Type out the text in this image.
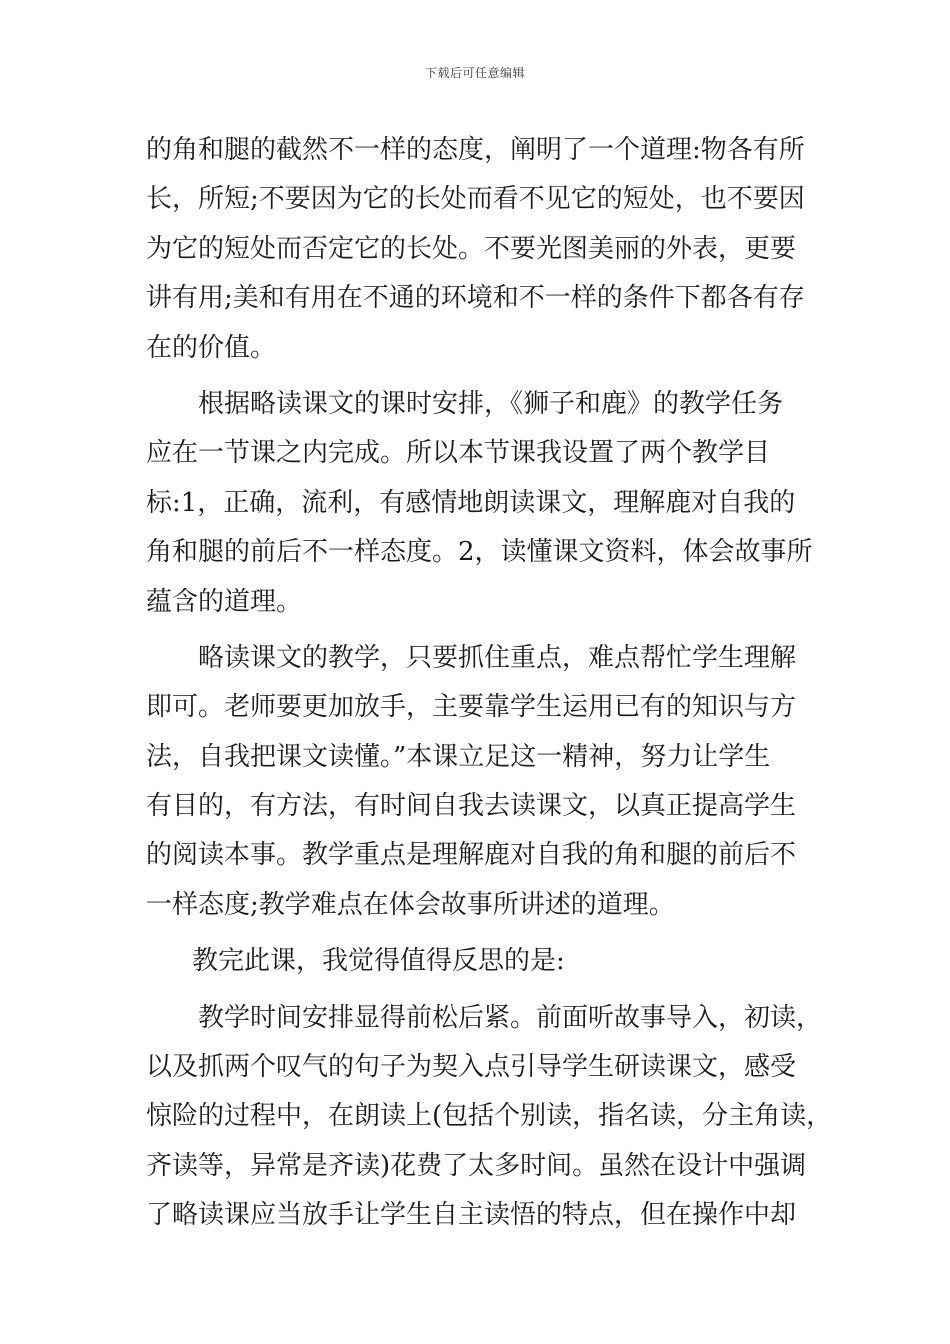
下载后可任意编辑
的角和腿的截然不一样的态度，阐明了一个道理:物各有所
长，所短;不要因为它的长处而看不见它的短处，也不要因
为它的短处而否定它的长处。不要光图美丽的外表，更要
讲有用;美和有用在不通的环境和不一样的条件下都各有存
在的价值。
根据略读课文的课时安排，《狮子和鹿》的教学任务
应在一节课之内完成。所以本节课我设置了两个教学目
标:1，正确，流利，有感情地朗读课文，理解鹿对自我的
角和腿的前后不一样态度。2，读懂课文资料，体会故事所
蕴含的道理。
略读课文的教学，只要抓住重点，难点帮忙学生理解
即可。老师要更加放手，主要靠学生运用已有的知识与方
法，自我把课文读懂。”本课立足这一精神，努力让学生
有目的，有方法，有时间自我去读课文，以真正提高学生
的阅读本事。教学重点是理解鹿对自我的角和腿的前后不
一样态度;教学难点在体会故事所讲述的道理。
教完此课，我觉得值得反思的是:
教学时间安排显得前松后紧。前面听故事导入，初读，
以及抓两个叹气的句子为契入点引导学生研读课文，感受
惊险的过程中，在朗读上(包括个别读，指名读，分主角读，
齐读等，异常是齐读)花费了太多时间。虽然在设计中强调
了略读课应当放手让学生自主读悟的特点，但在操作中却
